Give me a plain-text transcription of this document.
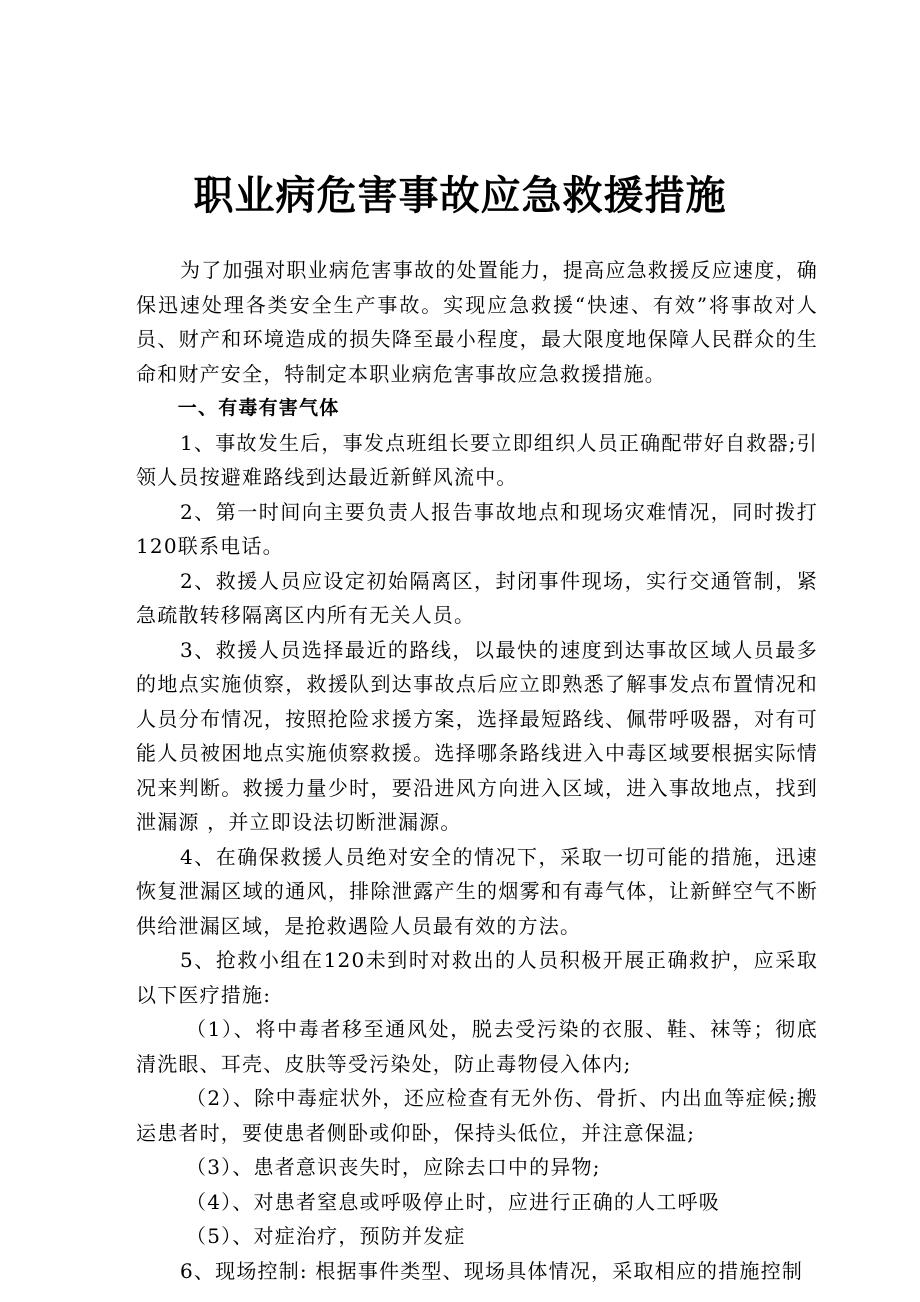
职业病危害事故应急救援措施

为了加强对职业病危害事故的处置能力，提高应急救援反应速度，确保迅速处理各类安全生产事故。实现应急救援“快速、有效”将事故对人员、财产和环境造成的损失降至最小程度，最大限度地保障人民群众的生命和财产安全，特制定本职业病危害事故应急救援措施。

一、有毒有害气体

1、事故发生后，事发点班组长要立即组织人员正确配带好自救器;引领人员按避难路线到达最近新鲜风流中。

2、第一时间向主要负责人报告事故地点和现场灾难情况，同时拨打120联系电话。

2、救援人员应设定初始隔离区，封闭事件现场，实行交通管制，紧急疏散转移隔离区内所有无关人员。

3、救援人员选择最近的路线，以最快的速度到达事故区域人员最多的地点实施侦察，救援队到达事故点后应立即熟悉了解事发点布置情况和人员分布情况，按照抢险求援方案，选择最短路线、佩带呼吸器，对有可能人员被困地点实施侦察救援。选择哪条路线进入中毒区域要根据实际情况来判断。救援力量少时，要沿进风方向进入区域，进入事故地点，找到泄漏源 ，并立即设法切断泄漏源。

4、在确保救援人员绝对安全的情况下，采取一切可能的措施，迅速恢复泄漏区域的通风，排除泄露产生的烟雾和有毒气体，让新鲜空气不断供给泄漏区域，是抢救遇险人员最有效的方法。

5、抢救小组在120未到时对救出的人员积极开展正确救护，应采取以下医疗措施:

（1）、将中毒者移至通风处，脱去受污染的衣服、鞋、袜等；彻底清洗眼、耳壳、皮肤等受污染处，防止毒物侵入体内;

（2）、除中毒症状外，还应检查有无外伤、骨折、内出血等症候;搬运患者时，要使患者侧卧或仰卧，保持头低位，并注意保温;

（3）、患者意识丧失时，应除去口中的异物;

（4）、对患者窒息或呼吸停止时，应进行正确的人工呼吸

（5）、对症治疗，预防并发症

6、现场控制: 根据事件类型、现场具体情况，采取相应的措施控制
